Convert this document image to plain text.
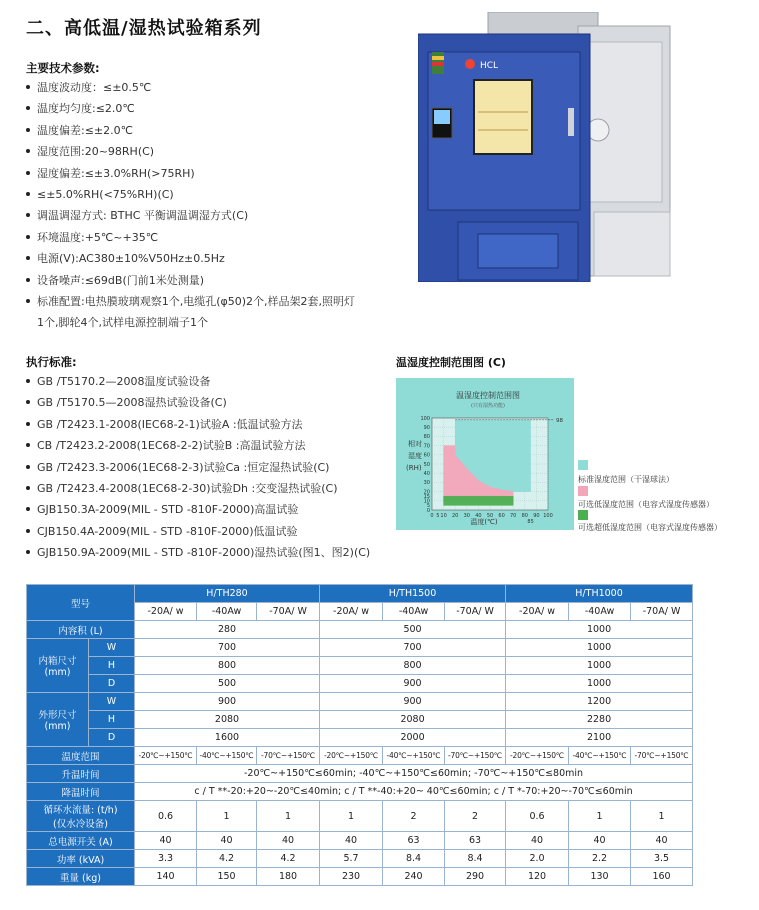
二、高低温/湿热试验箱系列
主要技术参数:
温度波动度：≤±0.5℃
温度均匀度:≤2.0℃
温度偏差:≤±2.0℃
湿度范围:20~98RH(C)
湿度偏差:≤±3.0%RH(>75RH)
≤±5.0%RH(<75%RH)(C)
调温调湿方式: BTHC 平衡调温调湿方式(C)
环境温度:+5℃~+35℃
电源(V):AC380±10%V50Hz±0.5Hz
设备噪声:≤69dB(门前1米处测量)
标准配置:电热膜玻璃观察1个,电缆孔(φ50)2个,样品架2套,照明灯
1个,脚轮4个,试样电源控制端子1个
HCL
执行标准:
GB /T5170.2—2008温度试验设备
GB /T5170.5—2008湿热试验设备(C)
GB /T2423.1-2008(IEC68-2-1)试验A :低温试验方法
CB /T2423.2-2008(1EC68-2-2)试验B :高温试验方法
GB /T2423.3-2006(1EC68-2-3)试验Ca :恒定湿热试验(C)
GB /T2423.4-2008(1EC68-2-30)试验Dh :交变湿热试验(C)
GJB150.3A-2009(MIL - STD -810F-2000)高温试验
CJB150.4A-2009(MIL - STD -810F-2000)低温试验
GJB150.9A-2009(MIL - STD -810F-2000)湿热试验(图1、图2)(C)
温湿度控制范围图 (C)
温湿度控制范围图
(只有湿热功能)
相对
湿度
(RH)
温度(℃)
98
100
90
80
70
60
50
40
30
20
15
10
5
0
0 5 10 20 30 40 50 60 70 80 90 100
85
标准湿度范围（干湿球法）
可选低湿度范围（电容式湿度传感器）
可选超低湿度范围（电容式湿度传感器）
型号		H/TH280			H/TH1500			H/TH1000		
		-20A/ w	-40Aw	-70A/ W	-20A/ w	-40Aw	-70A/ W	-20A/ w	-40Aw	-70A/ W
内容积 (L)		280			500			1000		
内箱尺寸
(mm)	W	700			700			1000		
	H	800			800			1000		
	D	500			900			1000		
外形尺寸
(mm)	W	900			900			1200		
	H	2080			2080			2280		
	D	1600			2000			2100		
温度范围		-20℃~+150℃	-40℃~+150℃	-70℃~+150℃	-20℃~+150℃	-40℃~+150℃	-70℃~+150℃	-20℃~+150℃	-40℃~+150℃	-70℃~+150℃
升温时间		-20℃~+150℃≤60min; -40℃~+150℃≤60min; -70℃~+150℃≤80min								
降温时间		c / T **-20:+20~-20℃≤40min; c / T **-40:+20~ 40℃≤60min; c / T *-70:+20~-70℃≤60min								
循环水流量: (t/h)
(仅水冷设备)		0.6	1	1	1	2	2	0.6	1	1
总电源开关 (A)		40	40	40	40	63	63	40	40	40
功率 (kVA)		3.3	4.2	4.2	5.7	8.4	8.4	2.0	2.2	3.5
重量 (kg)		140	150	180	230	240	290	120	130	160
